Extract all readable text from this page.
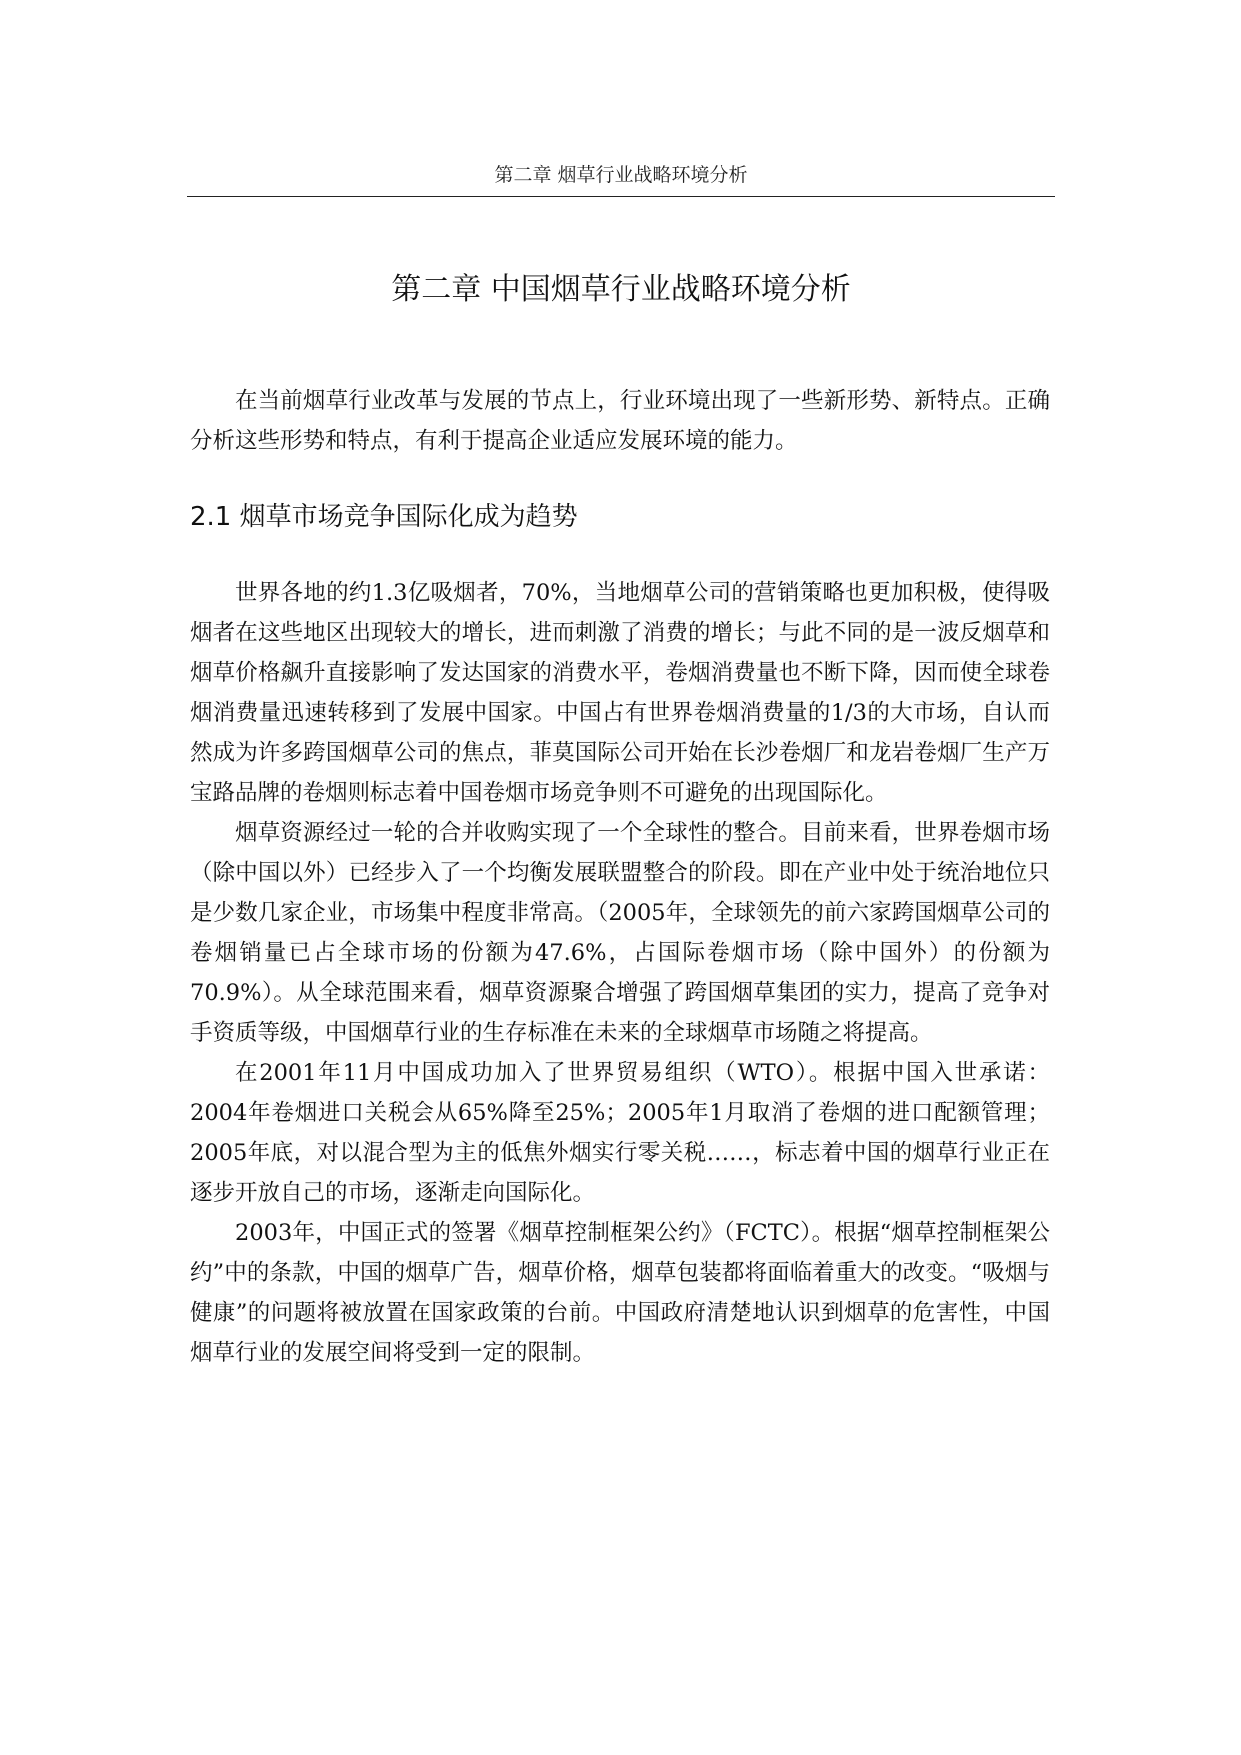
第二章 烟草行业战略环境分析
第二章 中国烟草行业战略环境分析

在当前烟草行业改革与发展的节点上，行业环境出现了一些新形势、新特点。正确分析这些形势和特点，有利于提高企业适应发展环境的能力。

2.1 烟草市场竞争国际化成为趋势

世界各地的约1.3亿吸烟者，70%，当地烟草公司的营销策略也更加积极，使得吸烟者在这些地区出现较大的增长，进而刺激了消费的增长；与此不同的是一波反烟草和烟草价格飙升直接影响了发达国家的消费水平，卷烟消费量也不断下降，因而使全球卷烟消费量迅速转移到了发展中国家。中国占有世界卷烟消费量的1/3的大市场，自认而然成为许多跨国烟草公司的焦点，菲莫国际公司开始在长沙卷烟厂和龙岩卷烟厂生产万宝路品牌的卷烟则标志着中国卷烟市场竞争则不可避免的出现国际化。

烟草资源经过一轮的合并收购实现了一个全球性的整合。目前来看，世界卷烟市场（除中国以外）已经步入了一个均衡发展联盟整合的阶段。即在产业中处于统治地位只是少数几家企业，市场集中程度非常高。（2005年，全球领先的前六家跨国烟草公司的卷烟销量已占全球市场的份额为47.6%，占国际卷烟市场（除中国外）的份额为70.9%）。从全球范围来看，烟草资源聚合增强了跨国烟草集团的实力，提高了竞争对手资质等级，中国烟草行业的生存标准在未来的全球烟草市场随之将提高。

在2001年11月中国成功加入了世界贸易组织（WTO）。根据中国入世承诺：2004年卷烟进口关税会从65%降至25%；2005年1月取消了卷烟的进口配额管理；2005年底，对以混合型为主的低焦外烟实行零关税……，标志着中国的烟草行业正在逐步开放自己的市场，逐渐走向国际化。

2003年，中国正式的签署《烟草控制框架公约》（FCTC）。根据“烟草控制框架公约”中的条款，中国的烟草广告，烟草价格，烟草包装都将面临着重大的改变。“吸烟与健康”的问题将被放置在国家政策的台前。中国政府清楚地认识到烟草的危害性，中国烟草行业的发展空间将受到一定的限制。
